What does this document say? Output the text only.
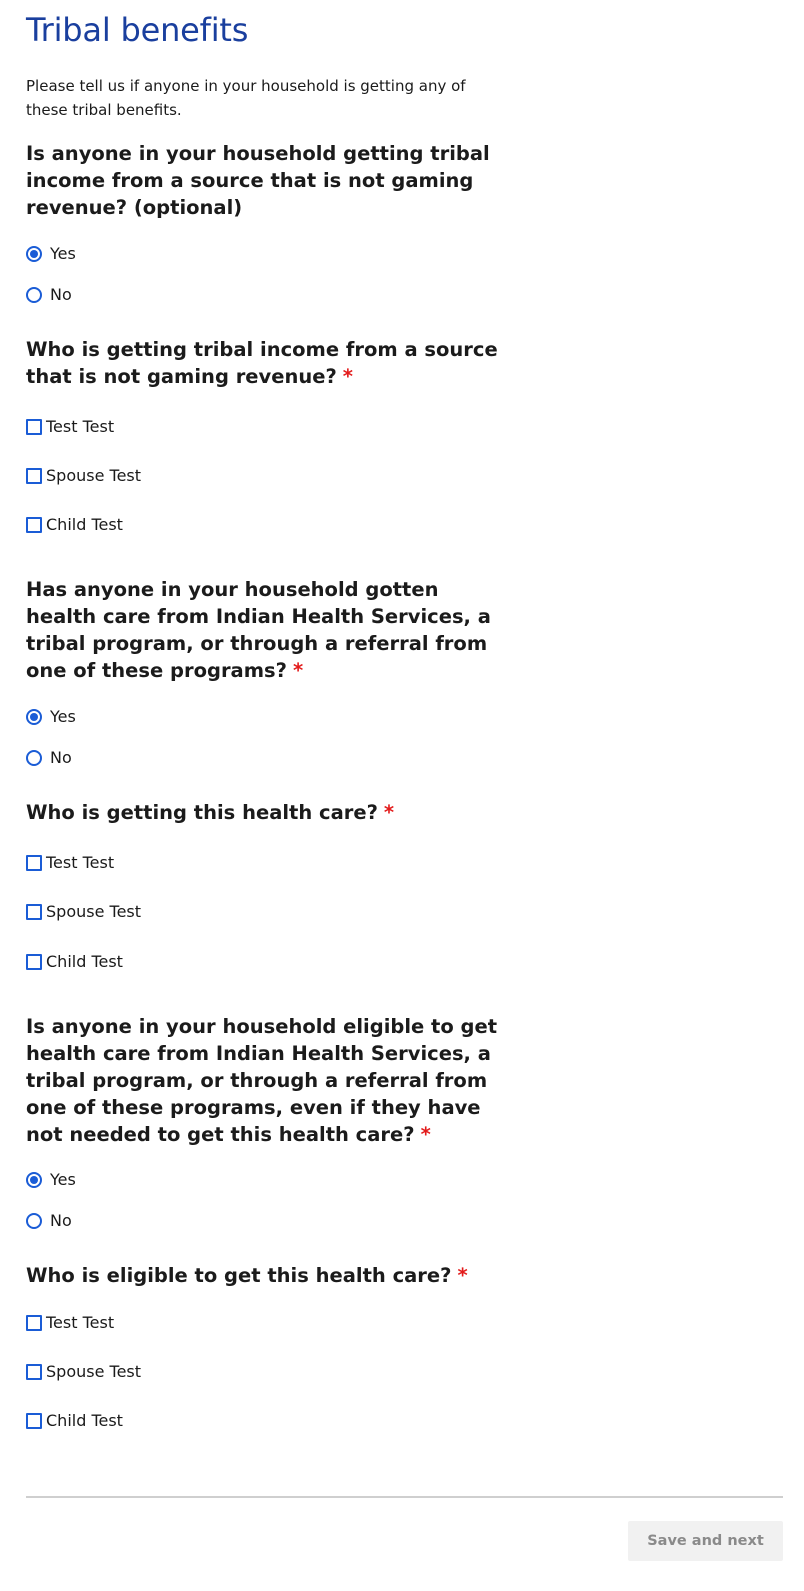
Tribal benefits

Please tell us if anyone in your household is getting any of these tribal benefits.

Is anyone in your household getting tribal income from a source that is not gaming revenue? (optional)

Yes
No

Who is getting tribal income from a source that is not gaming revenue? *

Test Test
Spouse Test
Child Test

Has anyone in your household gotten health care from Indian Health Services, a tribal program, or through a referral from one of these programs? *

Yes
No

Who is getting this health care? *

Test Test
Spouse Test
Child Test

Is anyone in your household eligible to get health care from Indian Health Services, a tribal program, or through a referral from one of these programs, even if they have not needed to get this health care? *

Yes
No

Who is eligible to get this health care? *

Test Test
Spouse Test
Child Test
Save and next
